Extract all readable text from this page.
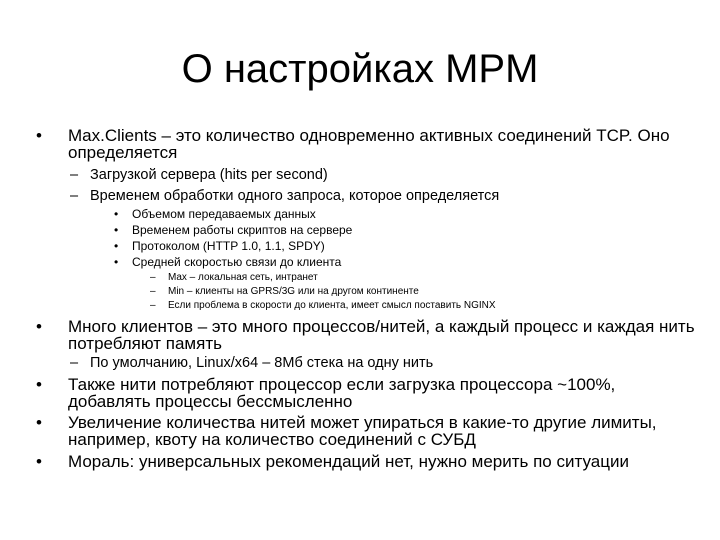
О настройках MPM
• Max.Clients – это количество одновременно активных соединений TCP. Оно определяется

– Загрузкой сервера (hits per second)

– Временем обработки одного запроса, которое определяется

• Объемом передаваемых данных

• Временем работы скриптов на сервере

• Протоколом (HTTP 1.0, 1.1, SPDY)

• Средней скоростью связи до клиента

– Max – локальная сеть, интранет

– Min – клиенты на GPRS/3G или на другом континенте

– Если проблема в скорости до клиента, имеет смысл поставить NGINX

• Много клиентов – это много процессов/нитей, а каждый процесс и каждая нить потребляют память

– По умолчанию, Linux/x64 – 8Мб стека на одну нить

• Также нити потребляют процессор если загрузка процессора ~100%, добавлять процессы бессмысленно

• Увеличение количества нитей может упираться в какие-то другие лимиты, например, квоту на количество соединений с СУБД

• Мораль: универсальных рекомендаций нет, нужно мерить по ситуации
